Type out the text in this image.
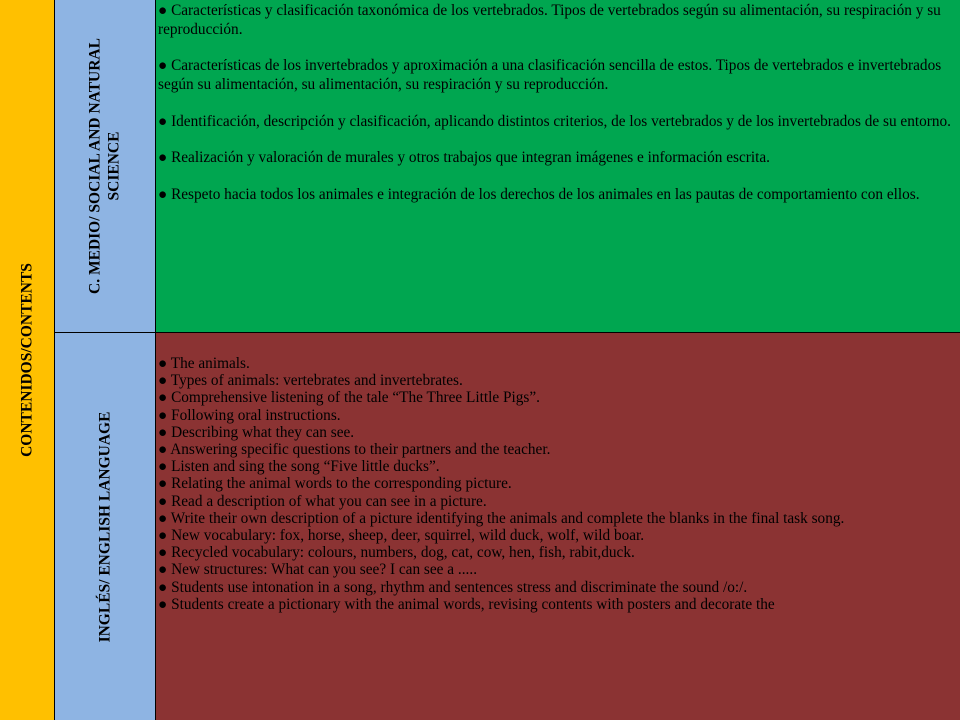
CONTENIDOS/CONTENTS
C. MEDIO/ SOCIAL AND NATURAL SCIENCE
INGLÉS/ ENGLISH LANGUAGE

● Características y clasificación taxonómica de los vertebrados. Tipos de vertebrados según su alimentación, su respiración y su reproducción.

● Características de los invertebrados y aproximación a una clasificación sencilla de estos. Tipos de vertebrados e invertebrados según su alimentación, su alimentación, su respiración y su reproducción.

● Identificación, descripción y clasificación, aplicando distintos criterios, de los vertebrados y de los invertebrados de su entorno.

● Realización y valoración de murales y otros trabajos que integran imágenes e información escrita.

● Respeto hacia todos los animales e integración de los derechos de los animales en las pautas de comportamiento con ellos.

● The animals.

● Types of animals: vertebrates and invertebrates.

● Comprehensive listening of the tale “The Three Little Pigs”.

● Following oral instructions.

● Describing what they can see.

● Answering specific questions to their partners and the teacher.

● Listen and sing the song “Five little ducks”.

● Relating the animal words to the corresponding picture.

● Read a description of what you can see in a picture.

● Write their own description of a picture identifying the animals and complete the blanks in the final task song.

● New vocabulary: fox, horse, sheep, deer, squirrel, wild duck, wolf, wild boar.

● Recycled vocabulary: colours, numbers, dog, cat, cow, hen, fish, rabit,duck.

● New structures: What can you see? I can see a .....

● Students use intonation in a song, rhythm and sentences stress and discriminate the sound /o:/.

● Students create a pictionary with the animal words, revising contents with posters and decorate the
